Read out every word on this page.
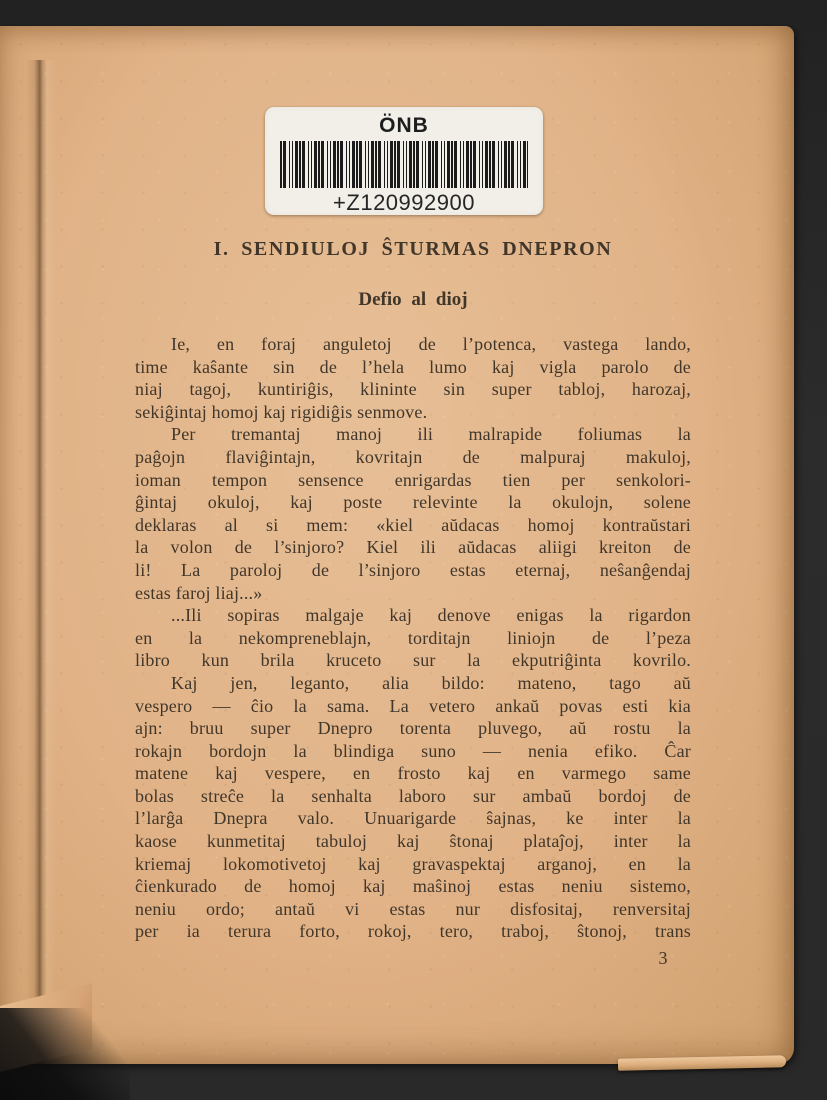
ÖNB
+Z120992900
I. SENDIULOJ ŜTURMAS DNEPRON
Defio al dioj
Ie, en foraj anguletoj de l’potenca, vastega lando,
time kaŝante sin de l’hela lumo kaj vigla parolo de
niaj tagoj, kuntiriĝis, klininte sin super tabloj, harozaj,
sekiĝintaj homoj kaj rigidiĝis senmove.
Per tremantaj manoj ili malrapide foliumas la
paĝojn flaviĝintajn, kovritajn de malpuraj makuloj,
ioman tempon sensence enrigardas tien per senkolori-
ĝintaj okuloj, kaj poste relevinte la okulojn, solene
deklaras al si mem: «kiel aŭdacas homoj kontraŭstari
la volon de l’sinjoro? Kiel ili aŭdacas aliigi kreiton de
li! La paroloj de l’sinjoro estas eternaj, neŝanĝendaj
estas faroj liaj...»
...Ili sopiras malgaje kaj denove enigas la rigardon
en la nekompreneblajn, torditajn liniojn de l’peza
libro kun brila kruceto sur la ekputriĝinta kovrilo.
Kaj jen, leganto, alia bildo: mateno, tago aŭ
vespero — ĉio la sama. La vetero ankaŭ povas esti kia
ajn: bruu super Dnepro torenta pluvego, aŭ rostu la
rokajn bordojn la blindiga suno — nenia efiko. Ĉar
matene kaj vespere, en frosto kaj en varmego same
bolas streĉe la senhalta laboro sur ambaŭ bordoj de
l’larĝa Dnepra valo. Unuarigarde ŝajnas, ke inter la
kaose kunmetitaj tabuloj kaj ŝtonaj plataĵoj, inter la
kriemaj lokomotivetoj kaj gravaspektaj arganoj, en la
ĉienkurado de homoj kaj maŝinoj estas neniu sistemo,
neniu ordo; antaŭ vi estas nur disfositaj, renversitaj
per ia terura forto, rokoj, tero, traboj, ŝtonoj, trans
3
